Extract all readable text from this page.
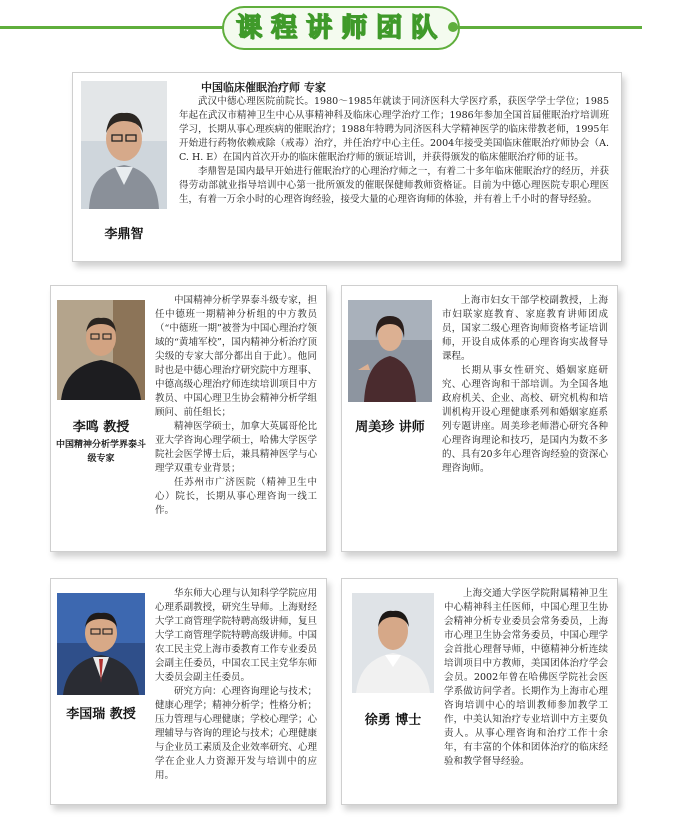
课程讲师团队
李鼎智

中国临床催眠治疗师 专家

武汉中德心理医院前院长。1980～1985年就读于同济医科大学医疗系，获医学学士学位；1985年起在武汉市精神卫生中心从事精神科及临床心理学治疗工作；1986年参加全国首届催眠治疗培训班学习，长期从事心理疾病的催眠治疗；1988年特聘为同济医科大学精神医学的临床带教老师，1995年开始进行药物依赖戒除（戒毒）治疗，并任治疗中心主任。2004年接受美国临床催眠治疗师协会（A. C. H. E）在国内首次开办的临床催眠治疗师的颁证培训，并获得颁发的临床催眠治疗师的证书。

李鼎智是国内最早开始进行催眠治疗的心理治疗师之一，有着二十多年临床催眠治疗的经历，并获得劳动部就业指导培训中心第一批所颁发的催眠保健师教师资格证。目前为中德心理医院专职心理医生，有着一万余小时的心理咨询经验，接受大量的心理咨询师的体验，并有着上千小时的督导经验。

李鸣 教授
中国精神分析学界泰斗级专家

中国精神分析学界泰斗级专家，担任中德班一期精神分析组的中方教员（“中德班一期”被誉为中国心理治疗领域的“黄埔军校”，国内精神分析治疗顶尖级的专家大部分都出自于此）。他同时也是中德心理治疗研究院中方理事、中德高级心理治疗师连续培训项目中方教员、中国心理卫生协会精神分析学组顾问、前任组长；

精神医学硕士，加拿大英属哥伦比亚大学咨询心理学硕士，哈佛大学医学院社会医学博士后，兼具精神医学与心理学双重专业背景；

任苏州市广济医院（精神卫生中心）院长，长期从事心理咨询一线工作。

周美珍 讲师

上海市妇女干部学校副教授，上海市妇联家庭教育、家庭教育讲师团成员，国家二级心理咨询师资格考证培训师，开设自成体系的心理咨询实战督导课程。

长期从事女性研究、婚姻家庭研究、心理咨询和干部培训。为全国各地政府机关、企业、高校、研究机构和培训机构开设心理健康系列和婚姻家庭系列专题讲座。周美珍老师潜心研究各种心理咨询理论和技巧，是国内为数不多的、具有20多年心理咨询经验的资深心理咨询师。

李国瑞 教授

华东师大心理与认知科学学院应用心理系副教授，研究生导师。上海财经大学工商管理学院特聘高级讲师，复旦大学工商管理学院特聘高级讲师。中国农工民主党上海市委教育工作专业委员会副主任委员，中国农工民主党华东师大委员会副主任委员。

研究方向：心理咨询理论与技术；健康心理学；精神分析学；性格分析；压力管理与心理健康；学校心理学；心理辅导与咨询的理论与技术；心理健康与企业员工素质及企业效率研究、心理学在企业人力资源开发与培训中的应用。

徐勇 博士

上海交通大学医学院附属精神卫生中心精神科主任医师，中国心理卫生协会精神分析专业委员会常务委员，上海市心理卫生协会常务委员，中国心理学会首批心理督导师，中德精神分析连续培训项目中方教师，美国团体治疗学会会员。2002年曾在哈佛医学院社会医学系做访问学者。长期作为上海市心理咨询培训中心的培训教师参加教学工作，中美认知治疗专业培训中方主要负责人。从事心理咨询和治疗工作十余年，有丰富的个体和团体治疗的临床经验和教学督导经验。
